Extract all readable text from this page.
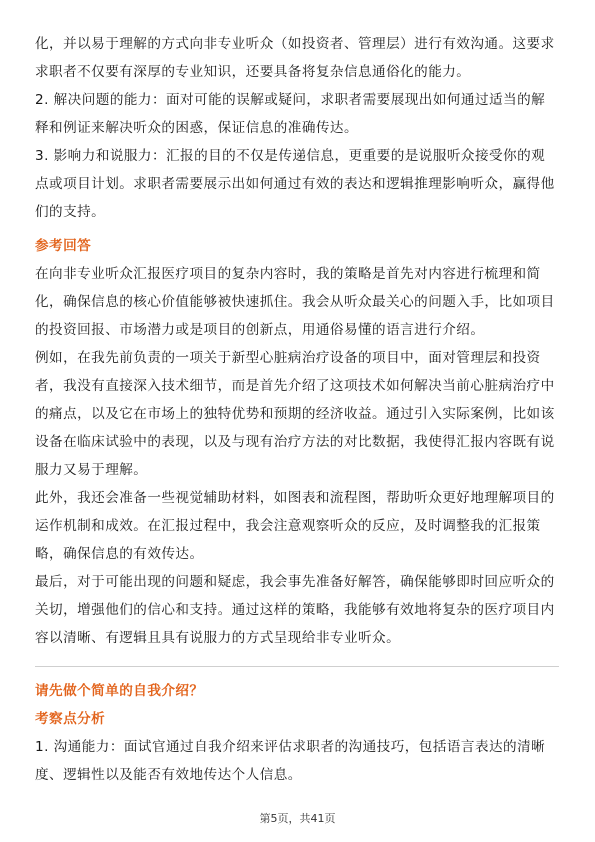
化，并以易于理解的方式向非专业听众（如投资者、管理层）进行有效沟通。这要求求职者不仅要有深厚的专业知识，还要具备将复杂信息通俗化的能力。

2. 解决问题的能力：面对可能的误解或疑问，求职者需要展现出如何通过适当的解释和例证来解决听众的困惑，保证信息的准确传达。

3. 影响力和说服力：汇报的目的不仅是传递信息，更重要的是说服听众接受你的观点或项目计划。求职者需要展示出如何通过有效的表达和逻辑推理影响听众，赢得他们的支持。

参考回答

在向非专业听众汇报医疗项目的复杂内容时，我的策略是首先对内容进行梳理和简化，确保信息的核心价值能够被快速抓住。我会从听众最关心的问题入手，比如项目的投资回报、市场潜力或是项目的创新点，用通俗易懂的语言进行介绍。

例如，在我先前负责的一项关于新型心脏病治疗设备的项目中，面对管理层和投资者，我没有直接深入技术细节，而是首先介绍了这项技术如何解决当前心脏病治疗中的痛点，以及它在市场上的独特优势和预期的经济收益。通过引入实际案例，比如该设备在临床试验中的表现，以及与现有治疗方法的对比数据，我使得汇报内容既有说服力又易于理解。

此外，我还会准备一些视觉辅助材料，如图表和流程图，帮助听众更好地理解项目的运作机制和成效。在汇报过程中，我会注意观察听众的反应，及时调整我的汇报策略，确保信息的有效传达。

最后，对于可能出现的问题和疑虑，我会事先准备好解答，确保能够即时回应听众的关切，增强他们的信心和支持。通过这样的策略，我能够有效地将复杂的医疗项目内容以清晰、有逻辑且具有说服力的方式呈现给非专业听众。

请先做个简单的自我介绍？
考察点分析

1. 沟通能力：面试官通过自我介绍来评估求职者的沟通技巧，包括语言表达的清晰度、逻辑性以及能否有效地传达个人信息。

第5页，共41页
